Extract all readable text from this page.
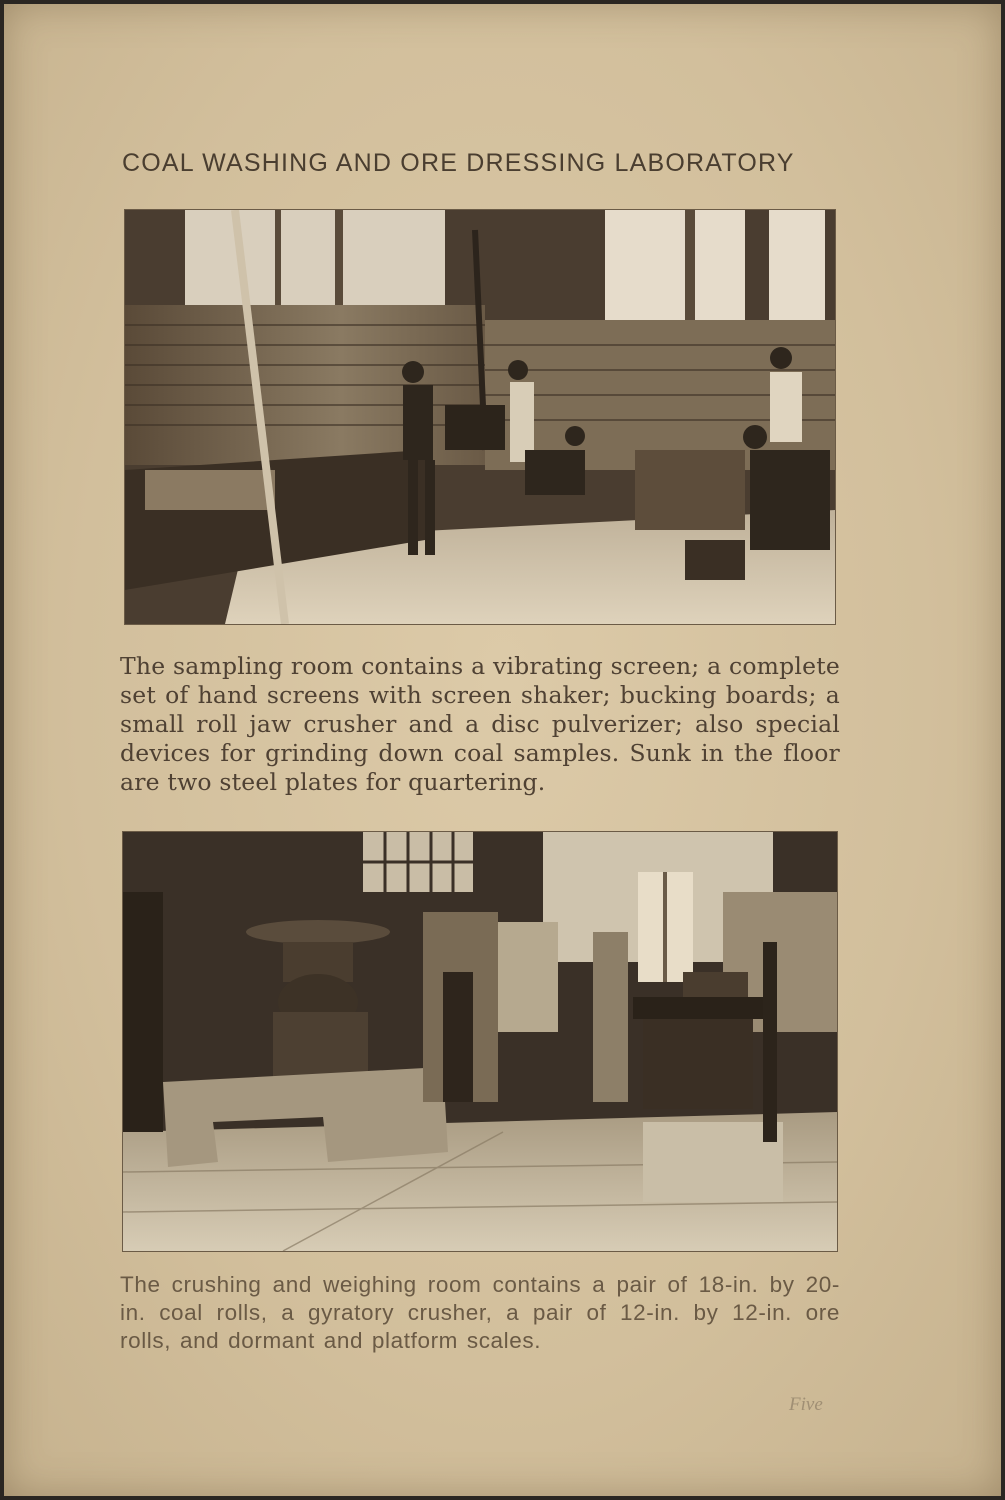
COAL WASHING AND ORE DRESSING LABORATORY

The sampling room contains a vibrating screen; a complete set of hand screens with screen shaker; bucking boards; a small roll jaw crusher and a disc pulverizer; also special devices for grinding down coal samples. Sunk in the floor are two steel plates for quartering.

The crushing and weighing room contains a pair of 18-in. by 20-in. coal rolls, a gyratory crusher, a pair of 12-in. by 12-in. ore rolls, and dormant and platform scales.

Five
